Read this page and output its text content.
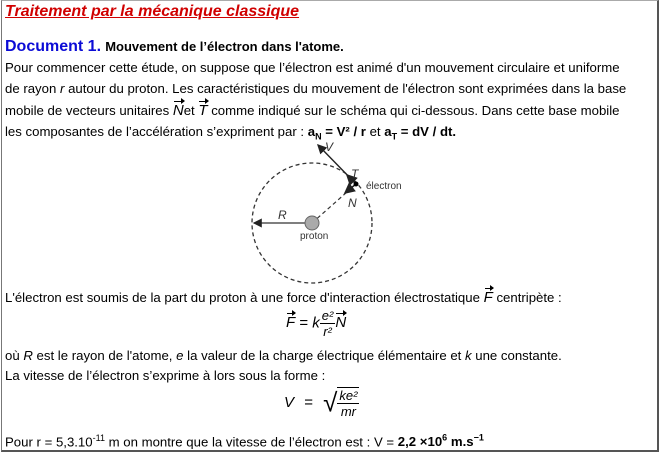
Traitement par la mécanique classique
Document 1. Mouvement de l’électron dans l'atome.
Pour commencer cette étude, on suppose que l’électron est animé d'un mouvement circulaire et uniforme
de rayon r autour du proton. Les caractéristiques du mouvement de l'électron sont exprimées dans la base
mobile de vecteurs unitaires Net T comme indiqué sur le schéma qui ci-dessous. Dans cette base mobile
les composantes de l’accélération s’expriment par : $a_N = V^2 / r$ et $a_T$ = dV / dt.
V
T
N
R
électron
proton
L'électron est soumis de la part du proton à une force d'interaction électrostatique F centripète :
F = k $\frac{\text{e²}}{\text{r²}}$ N
où R est le rayon de l'atome, e la valeur de la charge électrique élémentaire et k une constante.
La vitesse de l’électron s’exprime à lors sous la forme :
V = √ $\frac{\text{ke²}}{mr}$
Pour $r = 5,3.10^{-11}$ m on montre que la vitesse de l’électron est : $V = 2,2 \times 10^6$ $m.s^{-1}$
